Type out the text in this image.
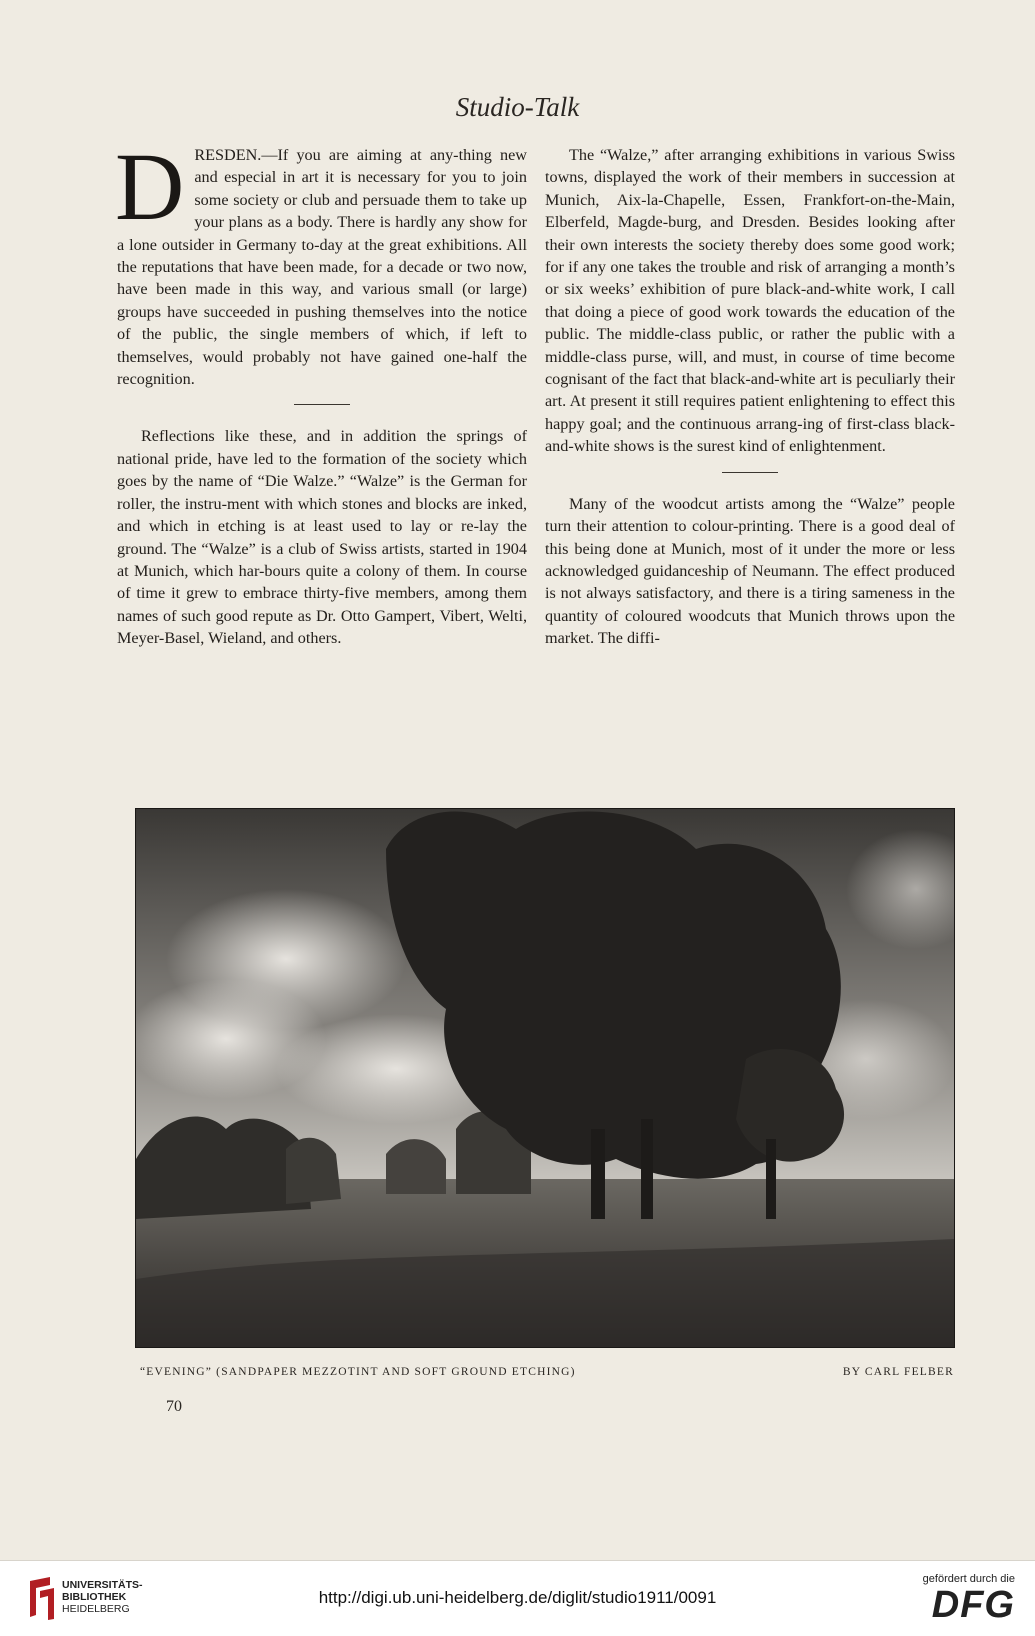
Studio-Talk

DRESDEN.—If you are aiming at any-thing new and especial in art it is necessary for you to join some society or club and persuade them to take up your plans as a body. There is hardly any show for a lone outsider in Germany to-day at the great exhibitions. All the reputations that have been made, for a decade or two now, have been made in this way, and various small (or large) groups have succeeded in pushing themselves into the notice of the public, the single members of which, if left to themselves, would probably not have gained one-half the recognition.

Reflections like these, and in addition the springs of national pride, have led to the formation of the society which goes by the name of “Die Walze.” “Walze” is the German for roller, the instru-ment with which stones and blocks are inked, and which in etching is at least used to lay or re-lay the ground. The “Walze” is a club of Swiss artists, started in 1904 at Munich, which har-bours quite a colony of them. In course of time it grew to embrace thirty-five members, among them names of such good repute as Dr. Otto Gampert, Vibert, Welti, Meyer-Basel, Wieland, and others.

The “Walze,” after arranging exhibitions in various Swiss towns, displayed the work of their members in succession at Munich, Aix-la-Chapelle, Essen, Frankfort-on-the-Main, Elberfeld, Magde-burg, and Dresden. Besides looking after their own interests the society thereby does some good work; for if any one takes the trouble and risk of arranging a month’s or six weeks’ exhibition of pure black-and-white work, I call that doing a piece of good work towards the education of the public. The middle-class public, or rather the public with a middle-class purse, will, and must, in course of time become cognisant of the fact that black-and-white art is peculiarly their art. At present it still requires patient enlightening to effect this happy goal; and the continuous arrang-ing of first-class black-and-white shows is the surest kind of enlightenment.

Many of the woodcut artists among the “Walze” people turn their attention to colour-printing. There is a good deal of this being done at Munich, most of it under the more or less acknowledged guidanceship of Neumann. The effect produced is not always satisfactory, and there is a tiring sameness in the quantity of coloured woodcuts that Munich throws upon the market. The diffi-

“EVENING” (SANDPAPER MEZZOTINT AND SOFT GROUND ETCHING)	BY CARL FELBER
70
UNIVERSITÄTS-
BIBLIOTHEK
HEIDELBERG
http://digi.ub.uni-heidelberg.de/diglit/studio1911/0091
gefördert durch die
DFG
